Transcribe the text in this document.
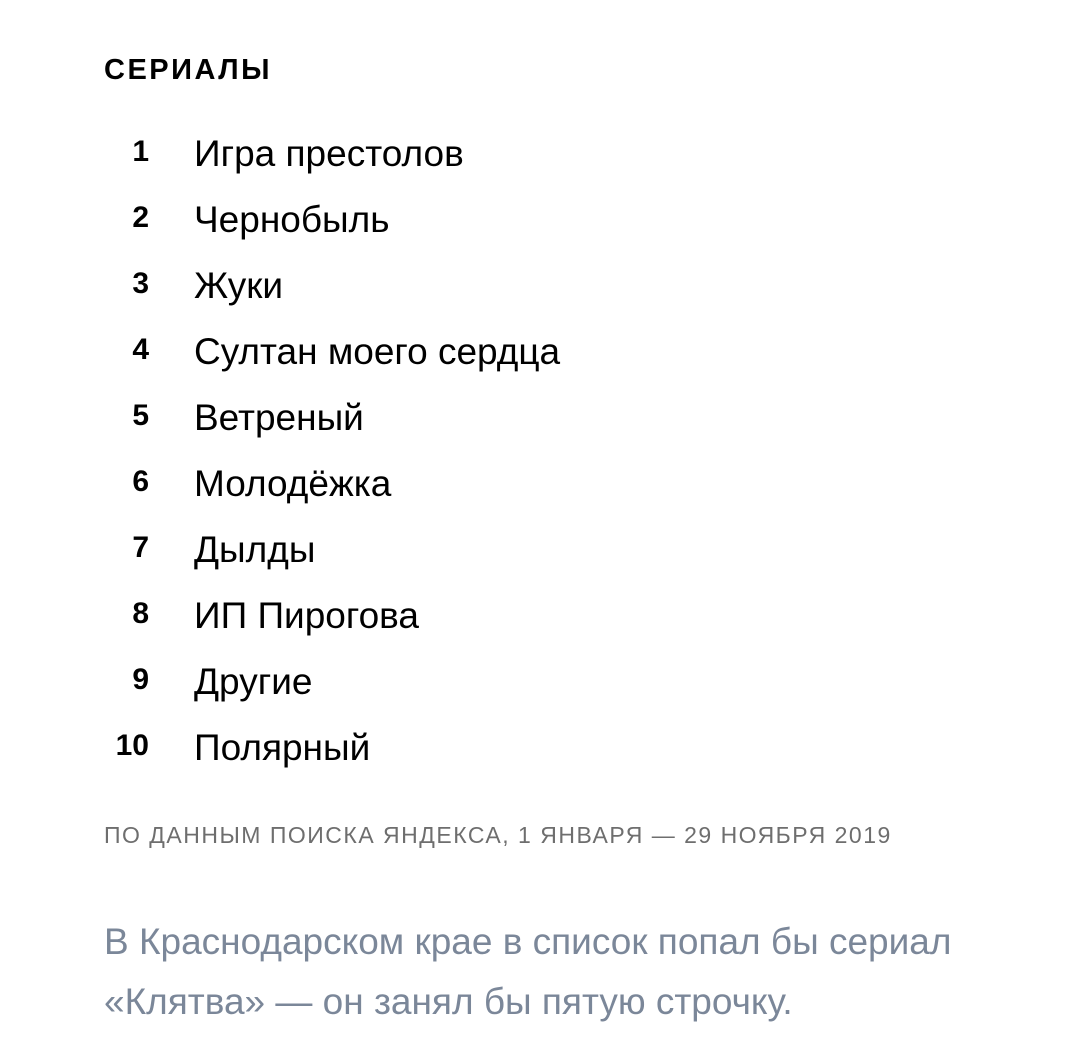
СЕРИАЛЫ
1 Игра престолов
2 Чернобыль
3 Жуки
4 Султан моего сердца
5 Ветреный
6 Молодёжка
7 Дылды
8 ИП Пирогова
9 Другие
10 Полярный

ПО ДАННЫМ ПОИСКА ЯНДЕКСА, 1 ЯНВАРЯ — 29 НОЯБРЯ 2019

В Краснодарском крае в список попал бы сериал «Клятва» — он занял бы пятую строчку.
